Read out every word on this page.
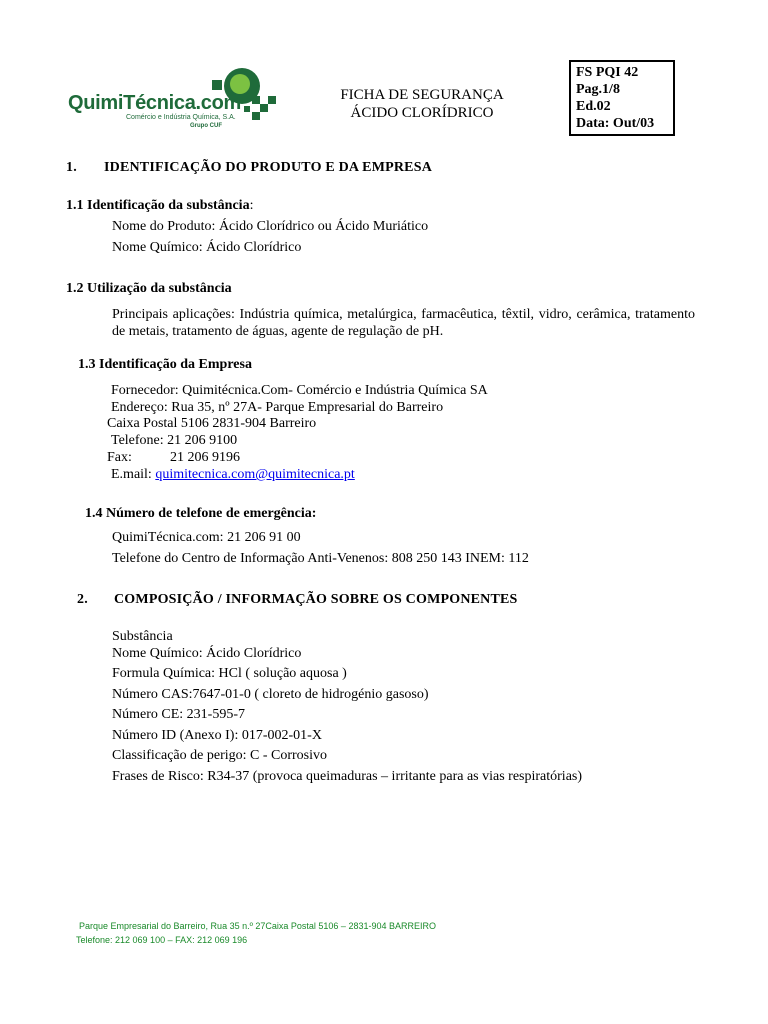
QuimiTécnica.com
Comércio e Indústria Química, S.A.
Grupo CUF
FICHA DE SEGURANÇA
ÁCIDO CLORÍDRICO
FS PQI 42
Pag.1/8
Ed.02
Data: Out/03
1. IDENTIFICAÇÃO DO PRODUTO E DA EMPRESA
1.1 Identificação da substância:
Nome do Produto: Ácido Clorídrico ou Ácido Muriático
Nome Químico: Ácido Clorídrico
1.2 Utilização da substância
Principais aplicações: Indústria química, metalúrgica, farmacêutica, têxtil, vidro, cerâmica, tratamento de metais, tratamento de águas, agente de regulação de pH.
1.3 Identificação da Empresa
Fornecedor: Quimitécnica.Com- Comércio e Indústria Química SA
Endereço: Rua 35, nº 27A- Parque Empresarial do Barreiro
Caixa Postal 5106 2831-904 Barreiro
Telefone: 21 206 9100
Fax:	21 206 9196
E.mail: quimitecnica.com@quimitecnica.pt
1.4 Número de telefone de emergência:
QuimiTécnica.com: 21 206 91 00
Telefone do Centro de Informação Anti-Venenos: 808 250 143 INEM: 112
2. COMPOSIÇÃO / INFORMAÇÃO SOBRE OS COMPONENTES
Substância
Nome Químico: Ácido Clorídrico
Formula Química: HCl ( solução aquosa )
Número CAS:7647-01-0 ( cloreto de hidrogénio gasoso)
Número CE: 231-595-7
Número ID (Anexo I): 017-002-01-X
Classificação de perigo: C - Corrosivo
Frases de Risco: R34-37 (provoca queimaduras – irritante para as vias respiratórias)
Parque Empresarial do Barreiro, Rua 35 n.º 27Caixa Postal 5106 – 2831-904 BARREIRO
Telefone: 212 069 100 – FAX: 212 069 196
